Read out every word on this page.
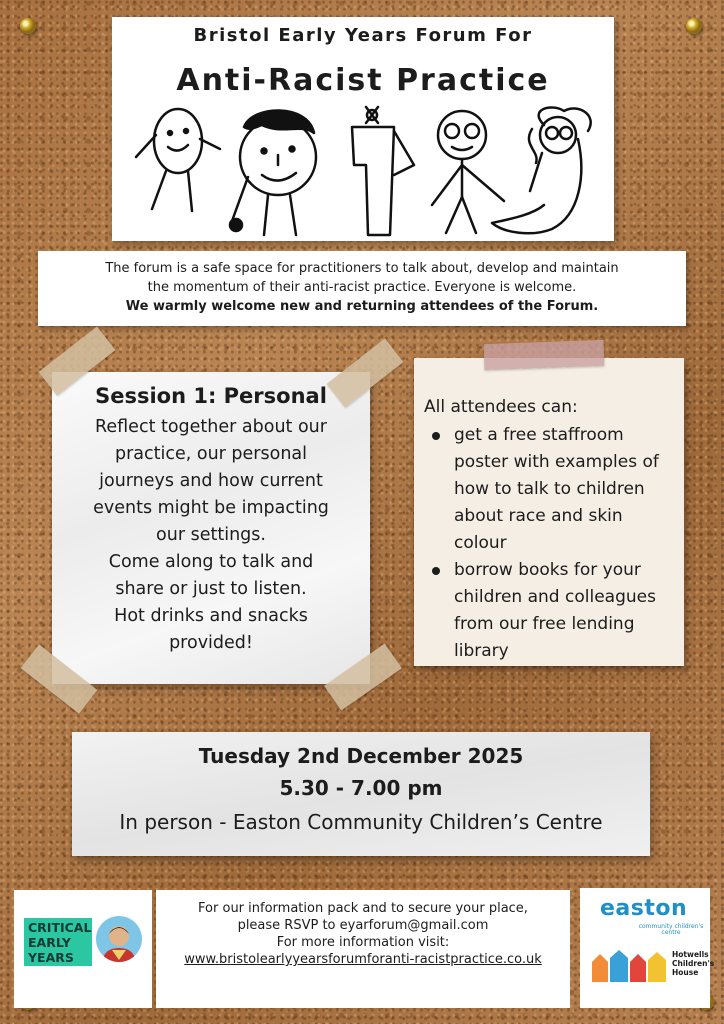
Bristol Early Years Forum For
Anti-Racist Practice
The forum is a safe space for practitioners to talk about, develop and maintain
the momentum of their anti-racist practice. Everyone is welcome.
We warmly welcome new and returning attendees of the Forum.
Session 1: Personal
Reflect together about our
practice, our personal
journeys and how current
events might be impacting
our settings.
Come along to talk and
share or just to listen.
Hot drinks and snacks
provided!
All attendees can:
get a free staffroom poster with examples of how to talk to children about race and skin colour
borrow books for your children and colleagues from our free lending library
Tuesday 2nd December 2025
5.30 - 7.00 pm
In person - Easton Community Children’s Centre
CRITICAL
EARLY
YEARS
For our information pack and to secure your place,
please RSVP to eyarforum@gmail.com
For more information visit:
www.bristolearlyyearsforumforanti-racistpractice.co.uk
easton
community children's centre
Hotwells Children's House
